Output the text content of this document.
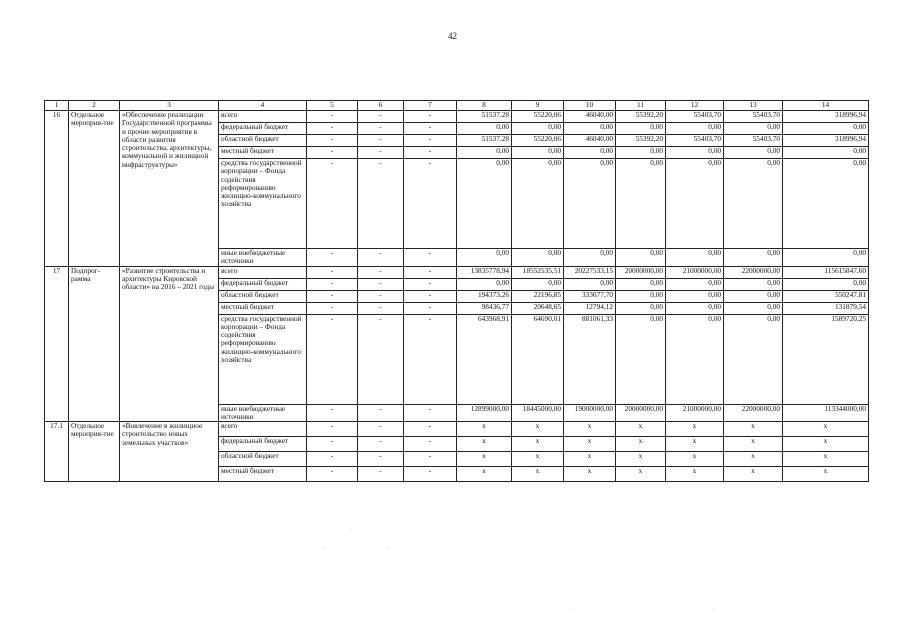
42
1	2	3	4	5	6	7	8	9	10	11	12	13	14
16	Отдельное мероприя-тие	«Обеспечение реализации Государственной программы и прочие мероприятия в области развития строительства, архитектуры, коммунальной и жилищной инфраструктуры»	всего	-	-	-	51537,28	55220,06	46040,00	55392,20	55403,70	55403,70	318996,94
			федеральный бюджет	-	-	-	0,00	0,00	0,00	0,00	0,00	0,00	0,00
			областной бюджет	-	-	-	51537,28	55220,06	46040,00	55392,20	55403,70	55403,70	318996,94
			местный бюджет	-	-	-	0,00	0,00	0,00	0,00	0,00	0,00	0,00
			средства государственной корпорации – Фонда содействия реформированию жилищно-коммунального хозяйства	-	-	-	0,00	0,00	0,00	0,00	0,00	0,00	0,00
			иные внебюджетные источники	-	-	-	0,00	0,00	0,00	0,00	0,00	0,00	0,00
17	Подпрог-рамма	«Развитие строительства и архитектуры Кировской области» на 2016 – 2021 годы	всего	-	-	-	13835778,94	18552535,51	20227533,15	20000000,00	21000000,00	22000000,00	115615847,60
			федеральный бюджет	-	-	-	0,00	0,00	0,00	0,00	0,00	0,00	0,00
			областной бюджет	-	-	-	194373,26	22196,85	333677,70	0,00	0,00	0,00	550247,81
			местный бюджет	-	-	-	98436,77	20648,65	12794,12	0,00	0,00	0,00	131879,54
			средства государственной корпорации – Фонда содействия реформированию жилищно-коммунального хозяйства	-	-	-	643968,91	64690,01	881061,33	0,00	0,00	0,00	1589720,25
			иные внебюджетные источники	-	-	-	12899000,00	18445000,00	19000000,00	20000000,00	21000000,00	22000000,00	113344000,00
17.1	Отдельное мероприя-тие	«Вовлечение в жилищное строительство новых земельных участков»	всего	-	-	-	х	х	х	х	х	х	х
			федеральный бюджет	-	-	-	х	х	х	х	х	х	х
			областной бюджет	-	-	-	х	х	х	х	х	х	х
			местный бюджет	-	-	-	х	х	х	х	х	х	х
·
·	·
·	·
